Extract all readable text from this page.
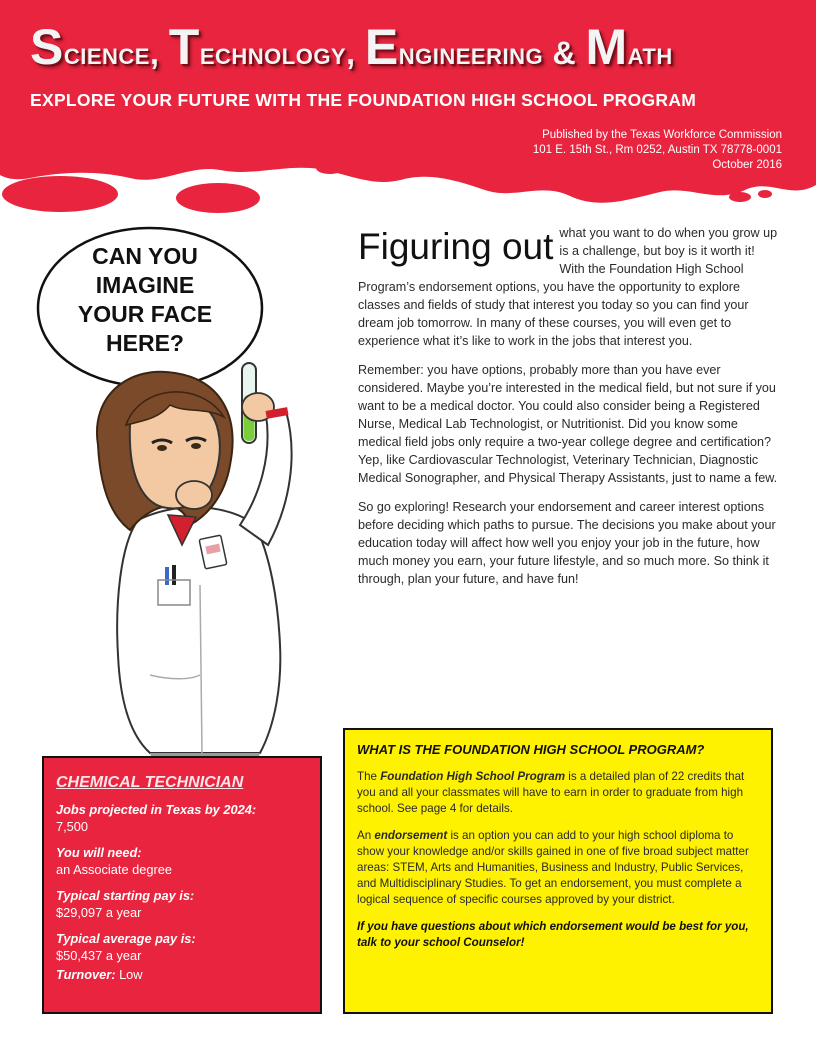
Science, Technology, Engineering & Math
EXPLORE YOUR FUTURE WITH THE FOUNDATION HIGH SCHOOL PROGRAM
Published by the Texas Workforce Commission
101 E. 15th St., Rm 0252, Austin TX 78778-0001
October 2016
CAN YOU
IMAGINE
YOUR FACE
HERE?

Figuring out what you want to do when you grow up is a challenge, but boy is it worth it! With the Foundation High School Program’s endorsement options, you have the opportunity to explore classes and fields of study that interest you today so you can find your dream job tomorrow. In many of these courses, you will even get to experience what it’s like to work in the jobs that interest you.

Remember: you have options, probably more than you have ever considered. Maybe you’re interested in the medical field, but not sure if you want to be a medical doctor. You could also consider being a Registered Nurse, Medical Lab Technologist, or Nutritionist. Did you know some medical field jobs only require a two-year college degree and certification? Yep, like Cardiovascular Technologist, Veterinary Technician, Diagnostic Medical Sonographer, and Physical Therapy Assistants, just to name a few.

So go exploring! Research your endorsement and career interest options before deciding which paths to pursue. The decisions you make about your education today will affect how well you enjoy your job in the future, how much money you earn, your future lifestyle, and so much more. So think it through, plan your future, and have fun!

CHEMICAL TECHNICIAN
Jobs projected in Texas by 2024:
7,500
You will need:
an Associate degree
Typical starting pay is:
$29,097 a year
Typical average pay is:
$50,437 a year
Turnover: Low
WHAT IS THE FOUNDATION HIGH SCHOOL PROGRAM?

The Foundation High School Program is a detailed plan of 22 credits that you and all your classmates will have to earn in order to graduate from high school. See page 4 for details.

An endorsement is an option you can add to your high school diploma to show your knowledge and/or skills gained in one of five broad subject matter areas: STEM, Arts and Humanities, Business and Industry, Public Services, and Multidisciplinary Studies. To get an endorsement, you must complete a logical sequence of specific courses approved by your district.

If you have questions about which endorsement would be best for you, talk to your school Counselor!
